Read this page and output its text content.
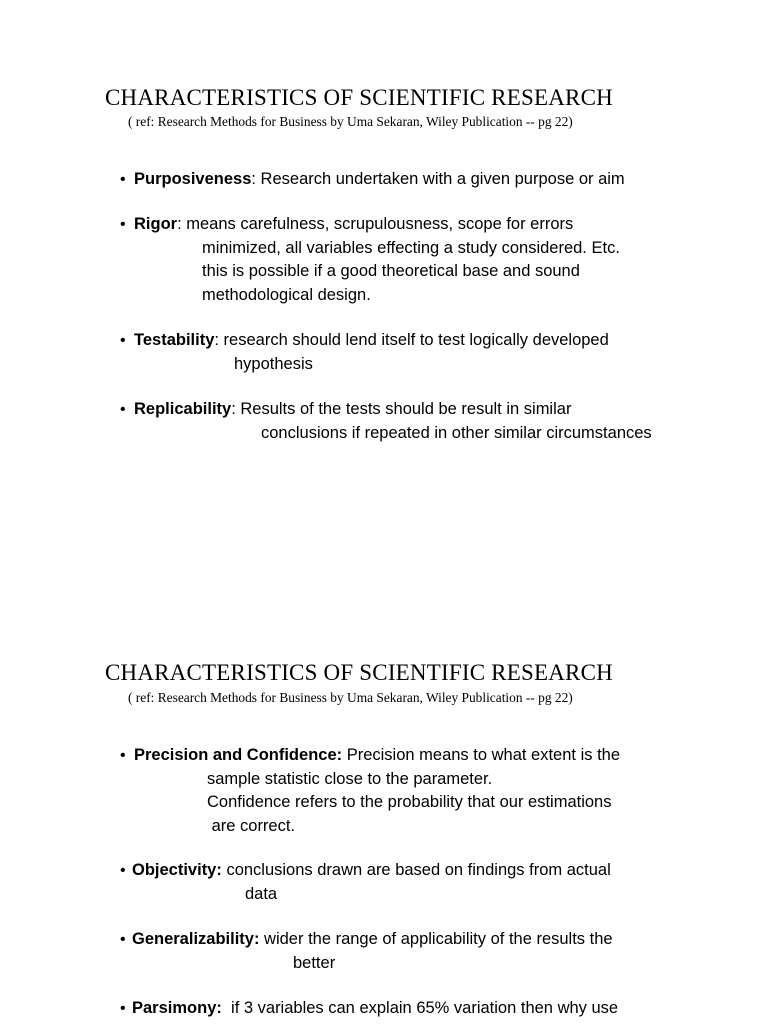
CHARACTERISTICS OF SCIENTIFIC RESEARCH

( ref: Research Methods for Business by Uma Sekaran, Wiley Publication -- pg 22)

• Purposiveness: Research undertaken with a given purpose or aim
• Rigor: means carefulness, scrupulousness, scope for errors
minimized, all variables effecting a study considered. Etc.
this is possible if a good theoretical base and sound
methodological design.
• Testability: research should lend itself to test logically developed
hypothesis
• Replicability: Results of the tests should be result in similar
conclusions if repeated in other similar circumstances
CHARACTERISTICS OF SCIENTIFIC RESEARCH

( ref: Research Methods for Business by Uma Sekaran, Wiley Publication -- pg 22)

• Precision and Confidence: Precision means to what extent is the
sample statistic close to the parameter.
Confidence refers to the probability that our estimations
are correct.
• Objectivity: conclusions drawn are based on findings from actual
data
• Generalizability: wider the range of applicability of the results the
better
• Parsimony:  if 3 variables can explain 65% variation then why use
